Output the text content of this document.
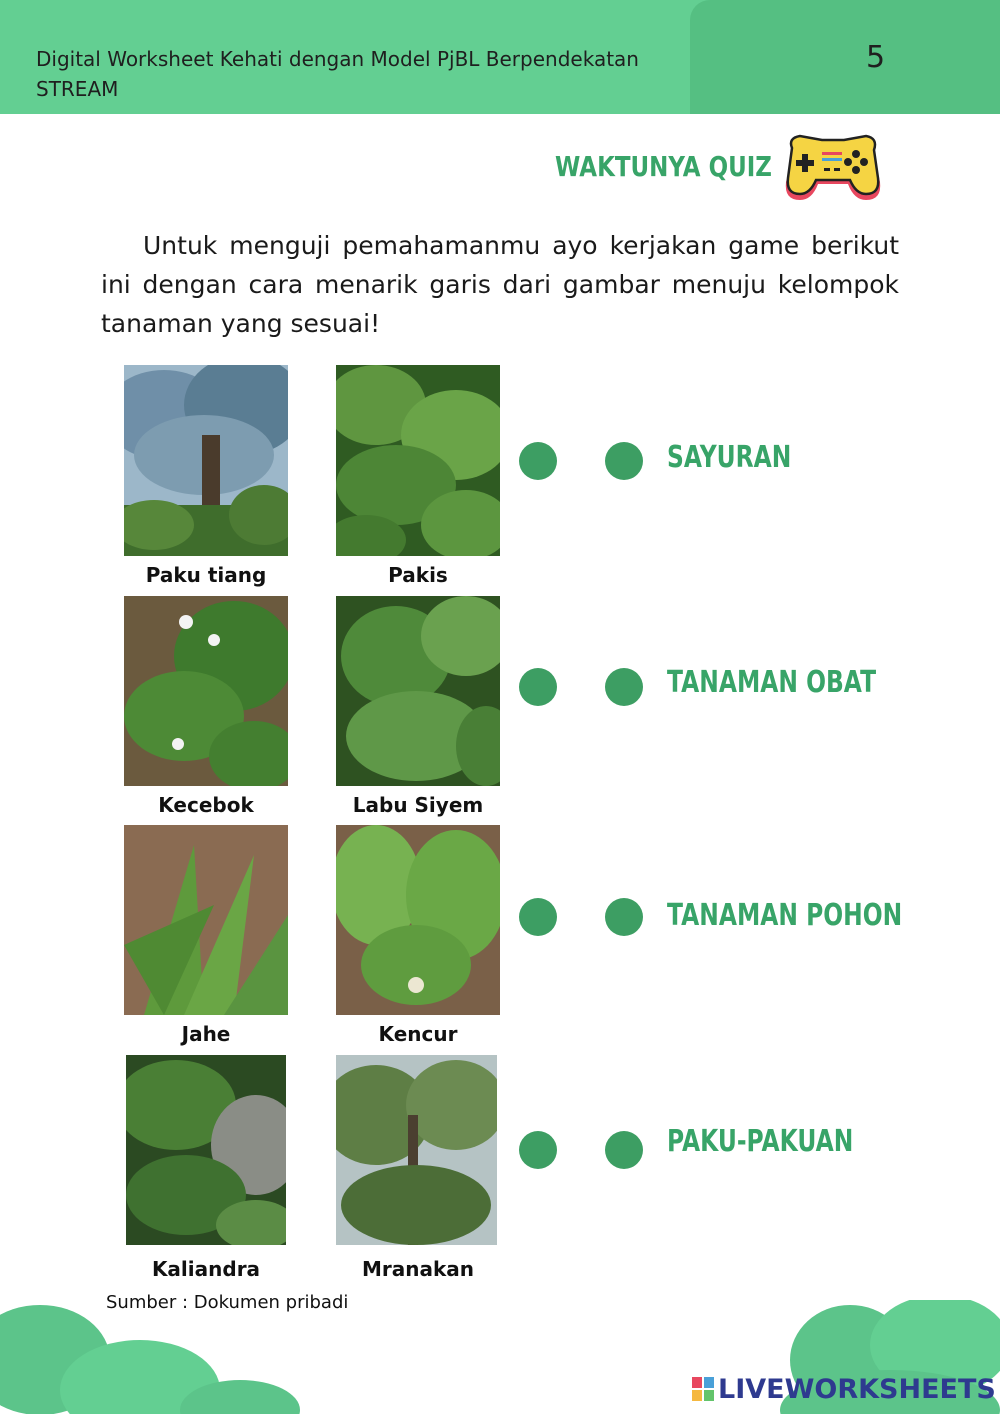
Digital Worksheet Kehati dengan Model PjBL Berpendekatan STREAM
5
WAKTUNYA QUIZ

Untuk menguji pemahamanmu ayo kerjakan game berikut ini dengan cara menarik garis dari gambar menuju kelompok tanaman yang sesuai!

Paku tiang	Pakis
Kecebok	Labu Siyem
Jahe	Kencur
Kaliandra	Mranakan
SAYURAN
TANAMAN OBAT
TANAMAN POHON
PAKU-PAKUAN
Sumber : Dokumen pribadi
LIVEWORKSHEETS
